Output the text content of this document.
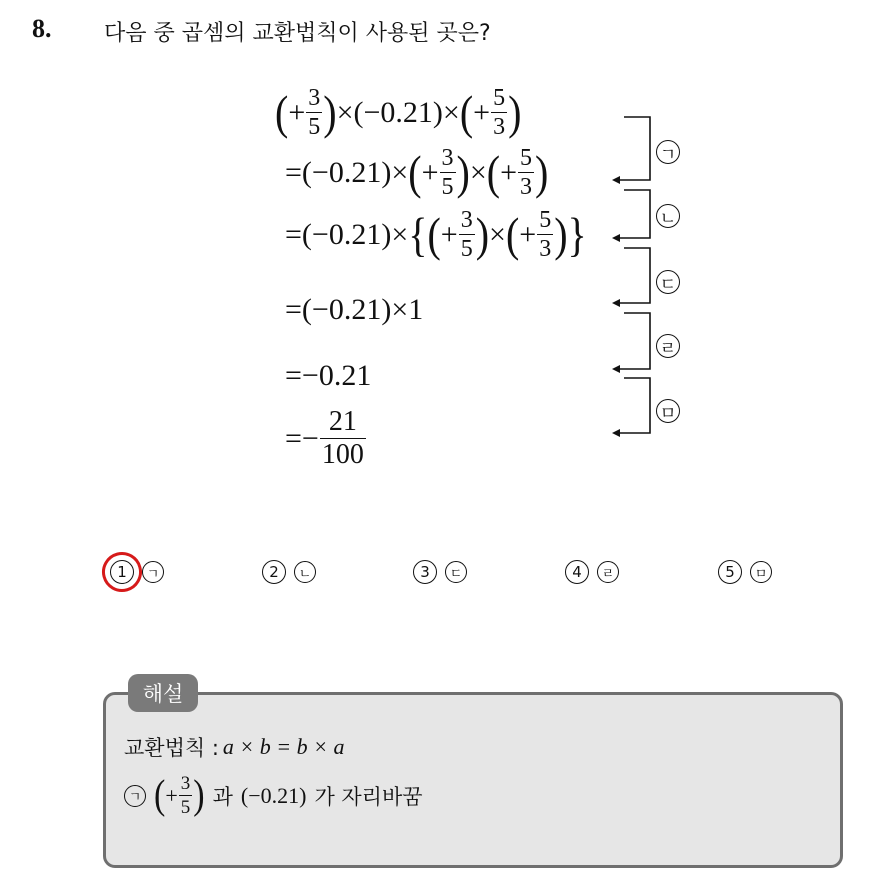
8. 다음 중 곱셈의 교환법칙이 사용된 곳은?
( + $\frac{3}{5}$ ) ×(−0.21)× ( + $\frac{5}{3}$ )
=(−0.21)× ( + $\frac{3}{5}$ ) × ( + $\frac{5}{3}$ )
=(−0.21)× {( + $\frac{3}{5}$ ) × ( + $\frac{5}{3}$ )}
=(−0.21)×1
=−0.21
=− $\frac{21}{100}$
ㄱ
ㄴ
ㄷ
ㄹ
ㅁ
1	ㄱ	2	ㄴ	3	ㄷ	4	ㄹ	5	ㅁ
해설
교환법칙 : a × b = b × a
ㄱ ( + $\frac{3}{5}$ ) 과 (−0.21) 가 자리바꿈
